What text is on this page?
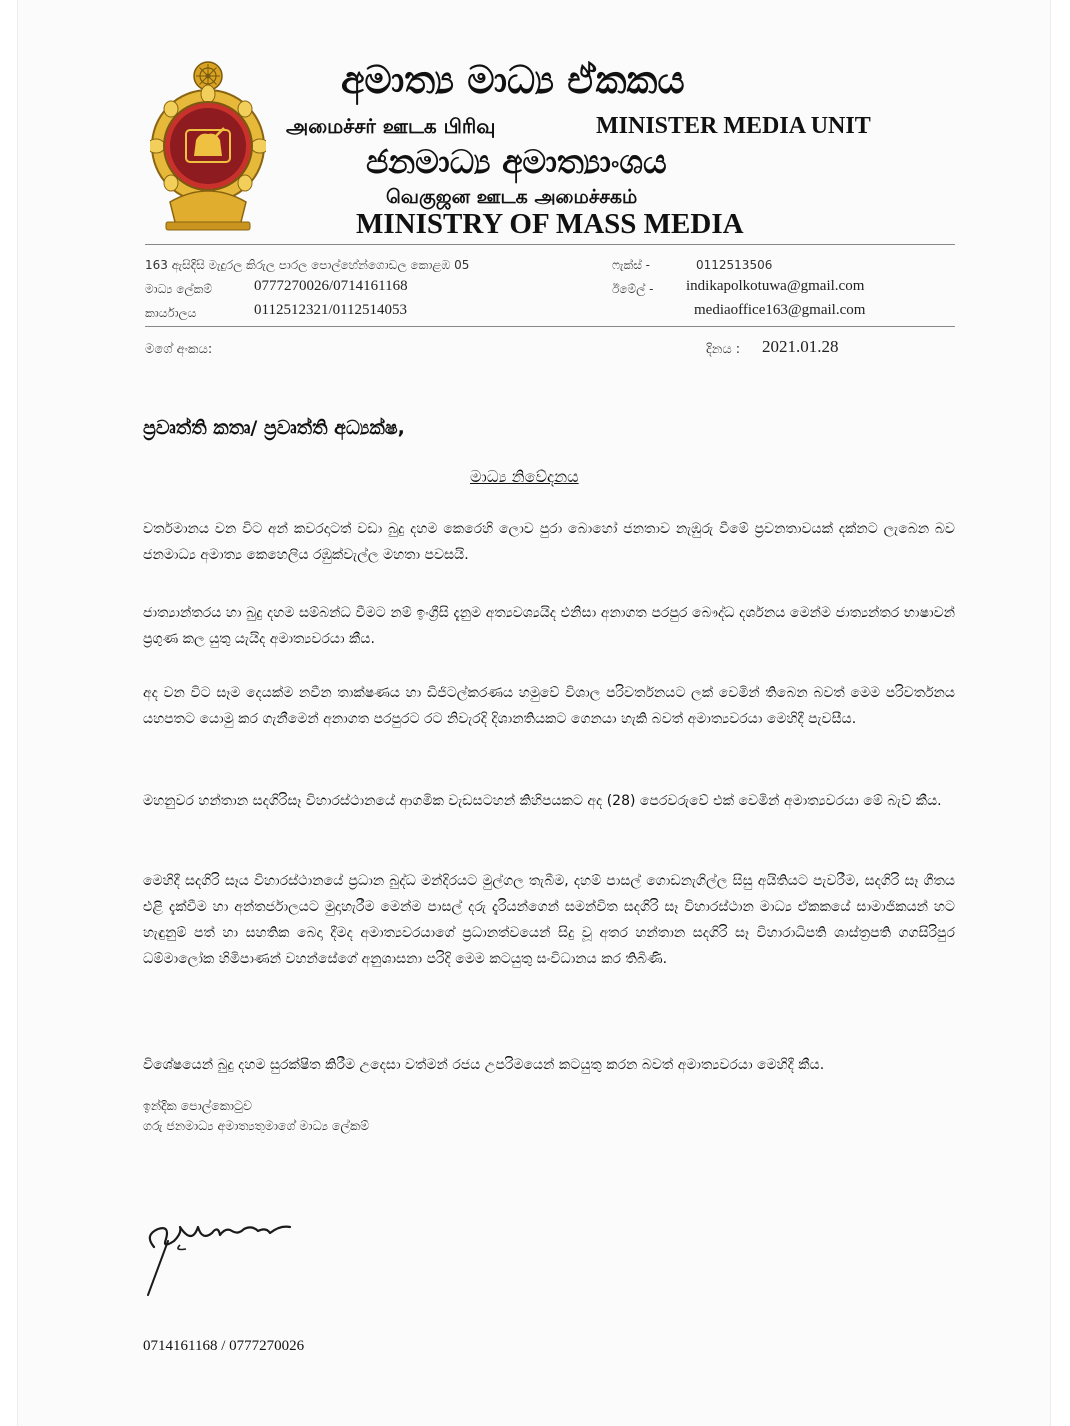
අමාත්‍ය මාධ්‍ය ඒකකය
அமைச்சர் ஊடக பிரிவு	MINISTER MEDIA UNIT
ජනමාධ්‍ය අමාත්‍යාංශය
வெகுஜன ஊடக அமைச்சகம்
MINISTRY OF MASS MEDIA
163 ඇසිදිසි මැදුරල කිරුල පාරල පොල්හේන්ගොඩල කොළඹ 05	ෆැක්ස් -	0112513506
මාධ්‍ය ලේකම්	0777270026/0714161168	ඊමේල් - indikapolkotuwa@gmail.com
කාර්යාලය	0112512321/0112514053	mediaoffice163@gmail.com
මගේ අංකය:	දිනය : 2021.01.28
ප්‍රවෘත්ති කතෘ/ ප්‍රවෘත්ති අධ්‍යක්ෂ,
මාධ්‍ය නිවේදනය

වර්තමානය වන විට අන් කවරදාටත් වඩා බුදු දහම කෙරෙහි ලොව පුරා බොහෝ ජනතාව නැඹුරු වීමේ ප්‍රවනතාවයක් දක්නට ලැබෙන බව ජනමාධ්‍ය අමාත්‍ය කෙහෙලිය රඹුක්වැල්ල මහතා පවසයි.

ජාත්‍යාන්තරය හා බුදු දහම සම්බන්ධ වීමට නම් ඉංග්‍රීසි දැනුම අත්‍යවශ්‍යයිද එනිසා අනාගත පරපුර බෞද්ධ දර්ශනය මෙන්ම ජාත්‍යන්තර භාෂාවන් ප්‍රගුණ කල යුතු යැයිද අමාත්‍යවරයා කීය.

අද වන විට සෑම දෙයක්ම නවීන තාක්ෂණය හා ඩිජිටල්කරණය හමුවේ විශාල පරිවර්තනයට ලක් වෙමින් තිබෙන බවත් මෙම පරිවර්තනය යහපතට යොමු කර ගැනීමෙන් අනාගත පරපුරට රට නිවැරදි දිශානතියකට ගෙනයා හැකි බවත් අමාත්‍යවරයා මෙහිදී පැවසීය.

මහනුවර හන්තාන සදගිරිසෑ විහාරස්ථානයේ ආගමික වැඩසටහන් කිහිපයකට අද (28) පෙරවරුවේ එක් වෙමින් අමාත්‍යවරයා මේ බැව් කීය.

මෙහිදී සදගිරි සෑය විහාරස්ථානයේ ප්‍රධාන බුද්ධ මන්දිරයට මුල්ගල තැබීම, දහම් පාසල් ගොඩනැගිල්ල සිසු අයිතියට පැවරීම, සදගිරි සෑ ගීතය එළි දැක්වීම හා අන්තර්ජාලයට මුදාහැරීම මෙන්ම පාසල් දරු දැරියන්ගෙන් සමන්විත සදගිරි සෑ විහාරස්ථාන මාධ්‍ය ඒකකයේ සාමාජිකයන් හට හැඳුනුම් පත් හා සහතික බෙදා දීමද අමාත්‍යවරයාගේ ප්‍රධානත්වයෙන් සිදු වූ අතර හන්තාන සදගිරි සෑ විහාරාධිපති ශාස්ත්‍රපති ගගසිරිපුර ධම්මාලෝක හිමිපාණන් වහන්සේගේ අනුශාසනා පරිදි මෙම කටයුතු සංවිධානය කර තිබිණි.

විශේෂයෙන් බුදු දහම සුරක්ෂිත කිරීම උදෙසා වත්මන් රජය උපරිමයෙන් කටයුතු කරන බවත් අමාත්‍යවරයා මෙහිදී කීය.

ඉන්දික පොල්කොටුව
ගරු ජනමාධ්‍ය අමාත්‍යතුමාගේ මාධ්‍ය ලේකම්
0714161168 / 0777270026
